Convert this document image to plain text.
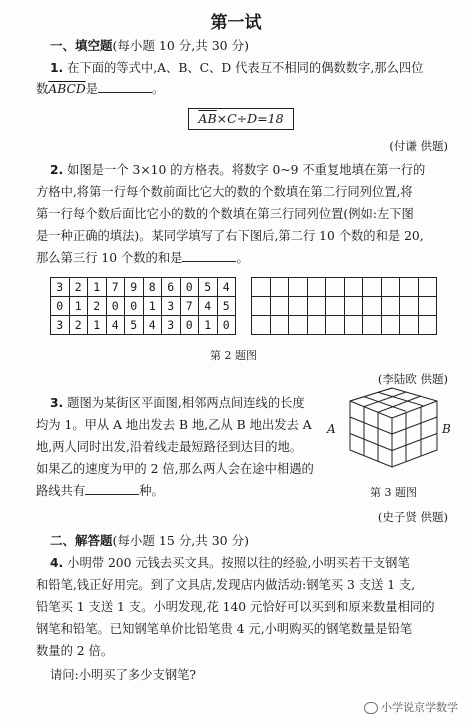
第一试
一、填空题(每小题 10 分,共 30 分)
1. 在下面的等式中,A、B、C、D 代表互不相同的偶数数字,那么四位
数ABCD是	。
$\overline{AB}\times C\div D=18$
(付谦 供题)
2. 如图是一个 3×10 的方格表。将数字 0~9 不重复地填在第一行的
方格中,将第一行每个数前面比它大的数的个数填在第二行同列位置,将
第一行每个数后面比它小的数的个数填在第三行同列位置(例如:左下图
是一种正确的填法)。某同学填写了右下图后,第二行 10 个数的和是 20,
那么第三行 10 个数的和是	。
3	2	1	7	9	8	6	0	5	4
0	1	2	0	0	1	3	7	4	5
3	2	1	4	5	4	3	0	1	0

第 2 题图
(李陆欧 供题)
3. 题图为某街区平面图,相邻两点间连线的长度
均为 1。甲从 A 地出发去 B 地,乙从 B 地出发去 A
地,两人同时出发,沿着线走最短路径到达目的地。
如果乙的速度为甲的 2 倍,那么两人会在途中相遇的
路线共有	种。
A	B
第 3 题图
(史子贤 供题)
二、解答题(每小题 15 分,共 30 分)
4. 小明带 200 元钱去买文具。按照以往的经验,小明买若干支钢笔
和铅笔,钱正好用完。到了文具店,发现店内做活动:钢笔买 3 支送 1 支,
铅笔买 1 支送 1 支。小明发现,花 140 元恰好可以买到和原来数量相同的
钢笔和铅笔。已知钢笔单价比铅笔贵 4 元,小明购买的钢笔数量是铅笔
数量的 2 倍。
请问:小明买了多少支钢笔?
小学说京学数学
